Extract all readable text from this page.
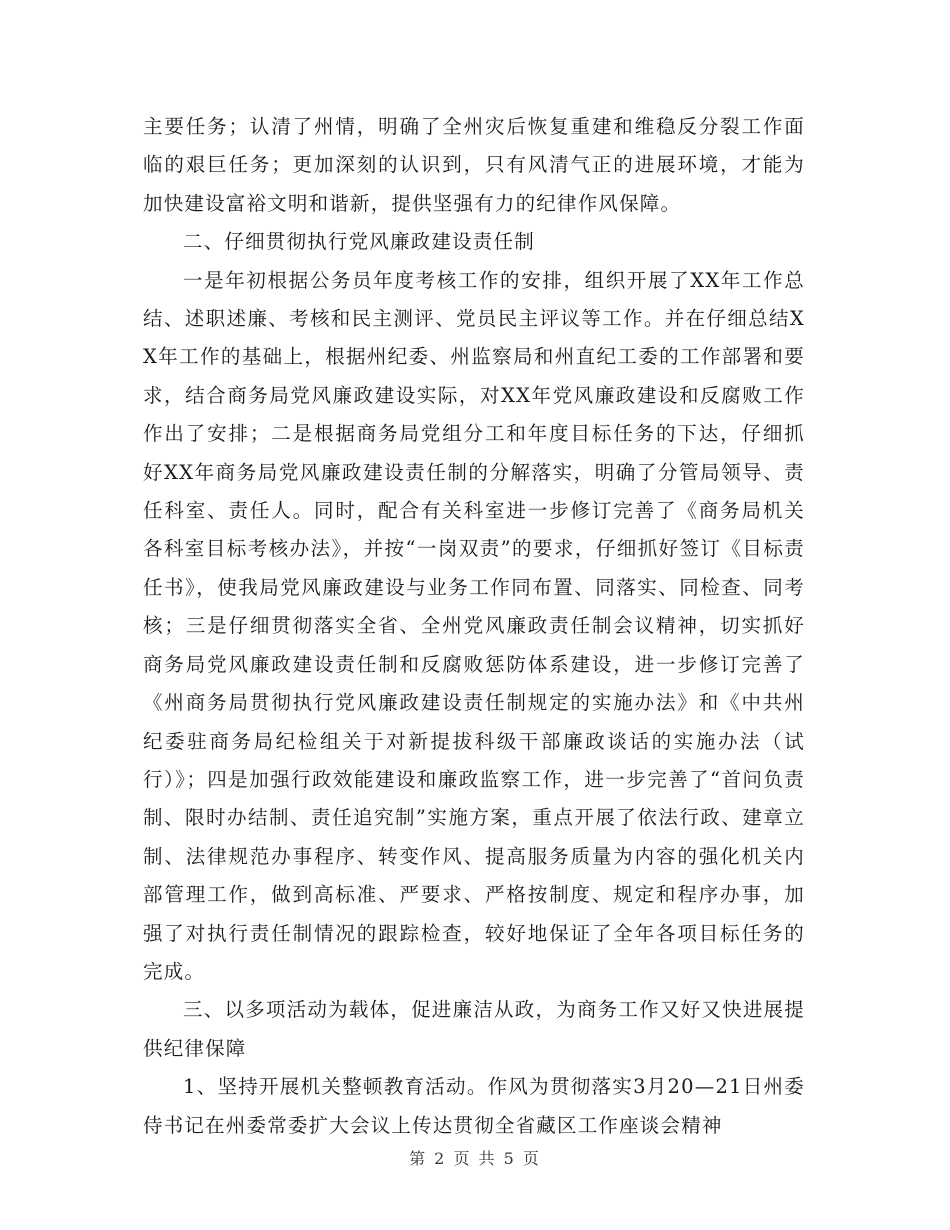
主要任务；认清了州情，明确了全州灾后恢复重建和维稳反分裂工作面临的艰巨任务；更加深刻的认识到，只有风清气正的进展环境，才能为加快建设富裕文明和谐新，提供坚强有力的纪律作风保障。

二、仔细贯彻执行党风廉政建设责任制

一是年初根据公务员年度考核工作的安排，组织开展了XX年工作总结、述职述廉、考核和民主测评、党员民主评议等工作。并在仔细总结XX年工作的基础上，根据州纪委、州监察局和州直纪工委的工作部署和要求，结合商务局党风廉政建设实际，对XX年党风廉政建设和反腐败工作作出了安排；二是根据商务局党组分工和年度目标任务的下达，仔细抓好XX年商务局党风廉政建设责任制的分解落实，明确了分管局领导、责任科室、责任人。同时，配合有关科室进一步修订完善了《商务局机关各科室目标考核办法》，并按“一岗双责”的要求，仔细抓好签订《目标责任书》，使我局党风廉政建设与业务工作同布置、同落实、同检查、同考核；三是仔细贯彻落实全省、全州党风廉政责任制会议精神，切实抓好商务局党风廉政建设责任制和反腐败惩防体系建设，进一步修订完善了《州商务局贯彻执行党风廉政建设责任制规定的实施办法》和《中共州纪委驻商务局纪检组关于对新提拔科级干部廉政谈话的实施办法（试行）》；四是加强行政效能建设和廉政监察工作，进一步完善了“首问负责制、限时办结制、责任追究制”实施方案，重点开展了依法行政、建章立制、法律规范办事程序、转变作风、提高服务质量为内容的强化机关内部管理工作，做到高标准、严要求、严格按制度、规定和程序办事，加强了对执行责任制情况的跟踪检查，较好地保证了全年各项目标任务的完成。

三、以多项活动为载体，促进廉洁从政，为商务工作又好又快进展提供纪律保障

1、坚持开展机关整顿教育活动。作风为贯彻落实3月20—21日州委侍书记在州委常委扩大会议上传达贯彻全省藏区工作座谈会精神

第 2 页 共 5 页
